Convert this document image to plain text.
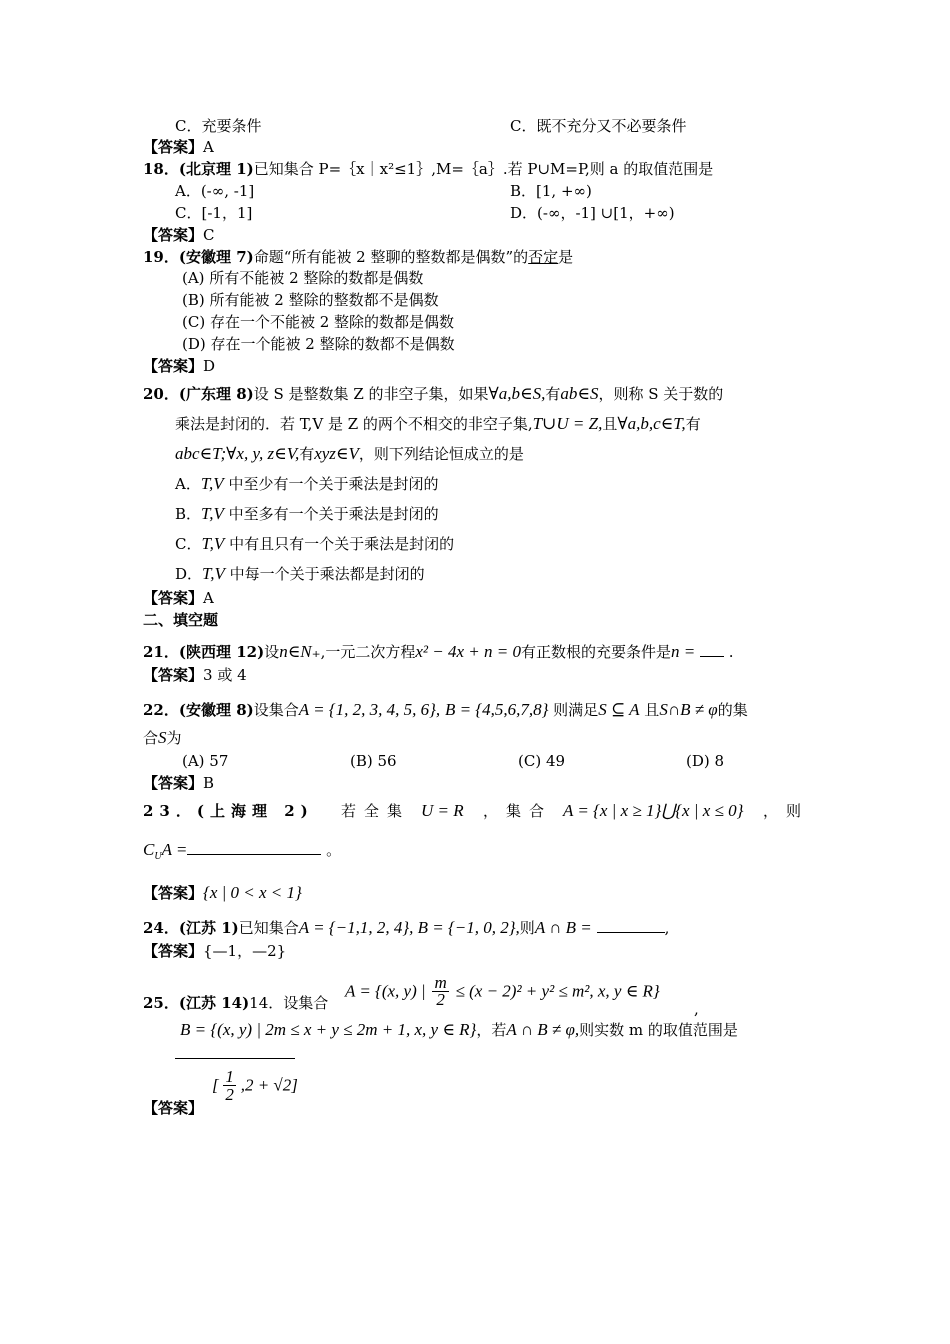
C．充要条件	C．既不充分又不必要条件
【答案】A
18．(北京理 1)已知集合 P=｛x｜x²≤1｝,M=｛a｝.若 P∪M=P,则 a 的取值范围是
A．(-∞, -1]	B．[1, +∞)
C．[-1，1]	D．(-∞，-1] ∪[1，+∞)
【答案】C
19．(安徽理 7)命题“所有能被 2 整聊的整数都是偶数”的否定是
(A) 所有不能被 2 整除的数都是偶数
(B) 所有能被 2 整除的整数都不是偶数
(C) 存在一个不能被 2 整除的数都是偶数
(D) 存在一个能被 2 整除的数都不是偶数
【答案】D
20．(广东理 8)设 S 是整数集 Z 的非空子集，如果∀a,b∈S,有ab∈S，则称 S 关于数的
乘法是封闭的．若 T,V 是 Z 的两个不相交的非空子集,T∪U = Z,且∀a,b,c∈T,有
abc∈T;∀x, y, z∈V,有xyz∈V，则下列结论恒成立的是
A．T,V 中至少有一个关于乘法是封闭的
B．T,V 中至多有一个关于乘法是封闭的
C．T,V 中有且只有一个关于乘法是封闭的
D．T,V 中每一个关于乘法都是封闭的
【答案】A
二、填空题
21．(陕西理 12)设n∈N₊,一元二次方程x² − 4x + n = 0有正数根的充要条件是n = .
【答案】3 或 4
22．(安徽理 8)设集合A = {1, 2, 3, 4, 5, 6}, B = {4,5,6,7,8} 则满足S ⊆ A 且S∩B ≠ φ的集
合S为
(A) 57	(B) 56	(C) 49	(D) 8
【答案】B
23．(上海理 2) 若全集 U = R ，集合 A = {x | x ≥ 1}⋃{x | x ≤ 0} ，则
$C_UA$ =	。
【答案】{x | 0 < x < 1}
24．(江苏 1)已知集合A = {−1,1, 2, 4}, B = {−1, 0, 2},则A ∩ B =	,
【答案】{—1，—2}
25．(江苏 14)14．设集合
A = {(x, y) | $\frac{m}{2} \le (x - 2)^2 + y^2 \le m^2$, x, y ∈ R}
,
B = {(x, y) | 2m ≤ x + y ≤ 2m + 1, x, y ∈ R}，若A ∩ B ≠ φ,则实数 m 的取值范围是
【答案】
[ $\frac{1}{2} ,2 + √2$]
